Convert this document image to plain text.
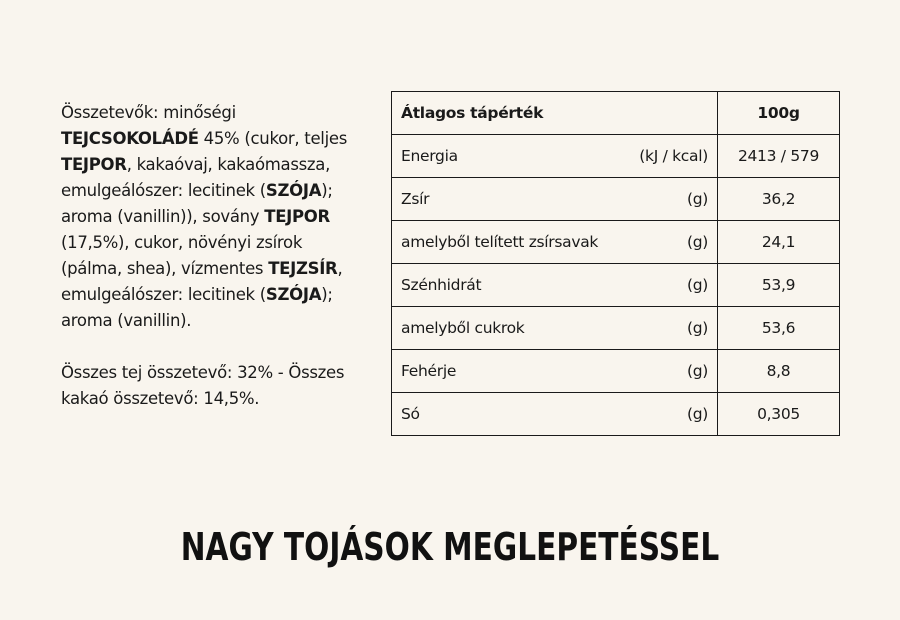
Összetevők: minőségi TEJCSOKOLÁDÉ 45% (cukor, teljes TEJPOR, kakaóvaj, kakaómassza, emulgeálószer: lecitinek (SZÓJA); aroma (vanillin)), sovány TEJPOR (17,5%), cukor, növényi zsírok (pálma, shea), vízmentes TEJZSÍR, emulgeálószer: lecitinek (SZÓJA); aroma (vanillin).

Összes tej összetevő: 32% - Összes kakaó összetevő: 14,5%.

Átlagos tápérték	100g

Energia (kJ / kcal)	2413 / 579

Zsír (g)	36,2

amelyből telített zsírsavak (g)	24,1

Szénhidrát (g)	53,9

amelyből cukrok (g)	53,6

Fehérje (g)	8,8

Só (g)	0,305
NAGY TOJÁSOK MEGLEPETÉSSEL
